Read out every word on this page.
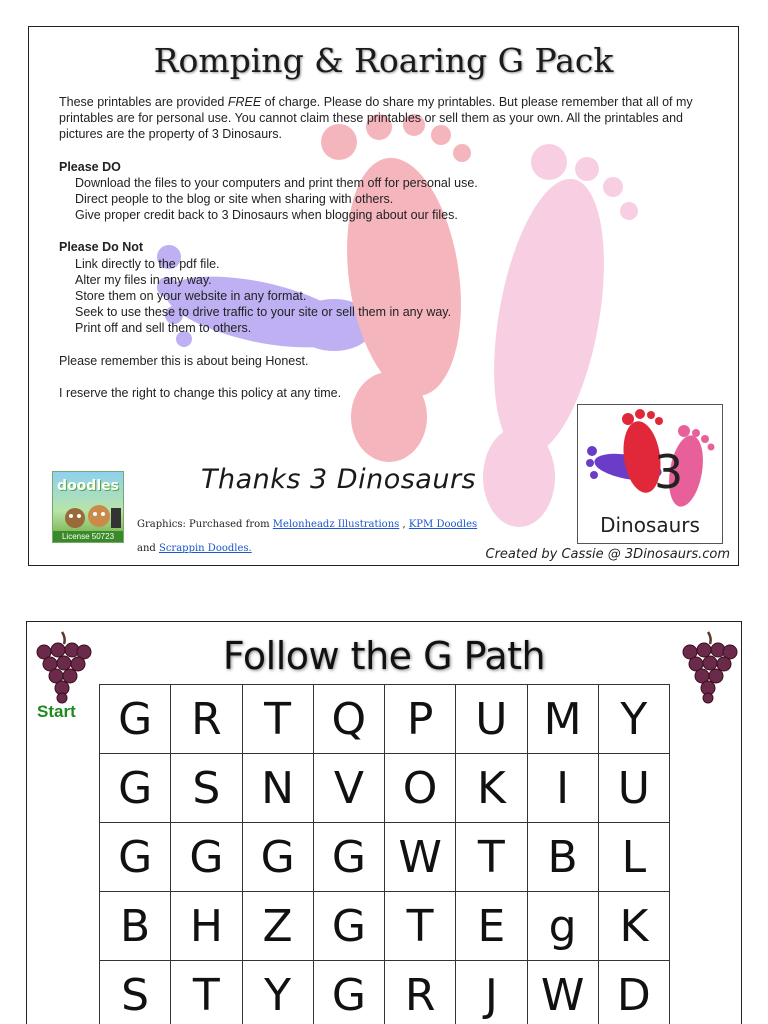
Romping & Roaring G Pack

These printables are provided FREE of charge. Please do share my printables. But please remember that all of my printables are for personal use. You cannot claim these printables or sell them as your own. All the printables and pictures are the property of 3 Dinosaurs.

Please DO

Download the files to your computers and print them off for personal use.

Direct people to the blog or site when sharing with others.

Give proper credit back to 3 Dinosaurs when blogging about our files.

Please Do Not

Link directly to the pdf file.

Alter my files in any way.

Store them on your website in any format.

Seek to use these to drive traffic to your site or sell them in any way.

Print off and sell them to others.

Please remember this is about being Honest.

I reserve the right to change this policy at any time.

doodles
License 50723
Thanks 3 Dinosaurs
Graphics: Purchased from Melonheadz Illustrations , KPM Doodles
and Scrappin Doodles.
3
Dinosaurs
Created by Cassie @ 3Dinosaurs.com
Follow the G Path
Start G R T Q P U M Y
G S N V O K	I	U
G G G G W T B L
B H Z G T E g K
S T	Y G R	J W D
